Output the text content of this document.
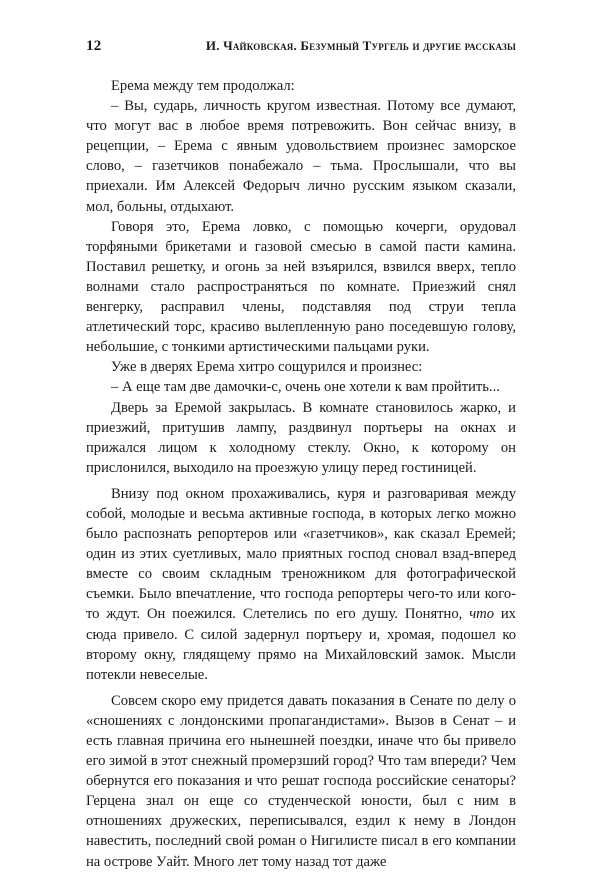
12	И. Чайковская. Безумный Тургель и другие рассказы

Ерема между тем продолжал:

– Вы, сударь, личность кругом известная. Потому все думают, что могут вас в любое время потревожить. Вон сейчас внизу, в рецепции, – Ерема с явным удовольствием произнес заморское слово, – газетчиков понабежало – тьма. Прослышали, что вы приехали. Им Алексей Федорыч лично русским языком сказали, мол, больны, отдыхают.

Говоря это, Ерема ловко, с помощью кочерги, орудовал торфяными брикетами и газовой смесью в самой пасти камина. Поставил решетку, и огонь за ней взъярился, взвился вверх, тепло волнами стало распространяться по комнате. Приезжий снял венгерку, расправил члены, подставляя под струи тепла атлетический торс, красиво вылепленную рано поседевшую голову, небольшие, с тонкими артистическими пальцами руки.

Уже в дверях Ерема хитро сощурился и произнес:

– А еще там две дамочки-с, очень оне хотели к вам пройтить...

Дверь за Еремой закрылась. В комнате становилось жарко, и приезжий, притушив лампу, раздвинул портьеры на окнах и прижался лицом к холодному стеклу. Окно, к которому он прислонился, выходило на проезжую улицу перед гостиницей.

Внизу под окном прохаживались, куря и разговаривая между собой, молодые и весьма активные господа, в которых легко можно было распознать репортеров или «газетчиков», как сказал Еремей; один из этих суетливых, мало приятных господ сновал взад-вперед вместе со своим складным треножником для фотографической съемки. Было впечатление, что господа репортеры чего-то или кого-то ждут. Он поежился. Слетелись по его душу. Понятно, что их сюда привело. С силой задернул портьеру и, хромая, подошел ко второму окну, глядящему прямо на Михайловский замок. Мысли потекли невеселые.

Совсем скоро ему придется давать показания в Сенате по делу о «сношениях с лондонскими пропагандистами». Вызов в Сенат – и есть главная причина его нынешней поездки, иначе что бы привело его зимой в этот снежный промерзший город? Что там впереди? Чем обернутся его показания и что решат господа российские сенаторы? Герцена знал он еще со студенческой юности, был с ним в отношениях дружеских, переписывался, ездил к нему в Лондон навестить, последний свой роман о Нигилисте писал в его компании на острове Уайт. Много лет тому назад тот даже
